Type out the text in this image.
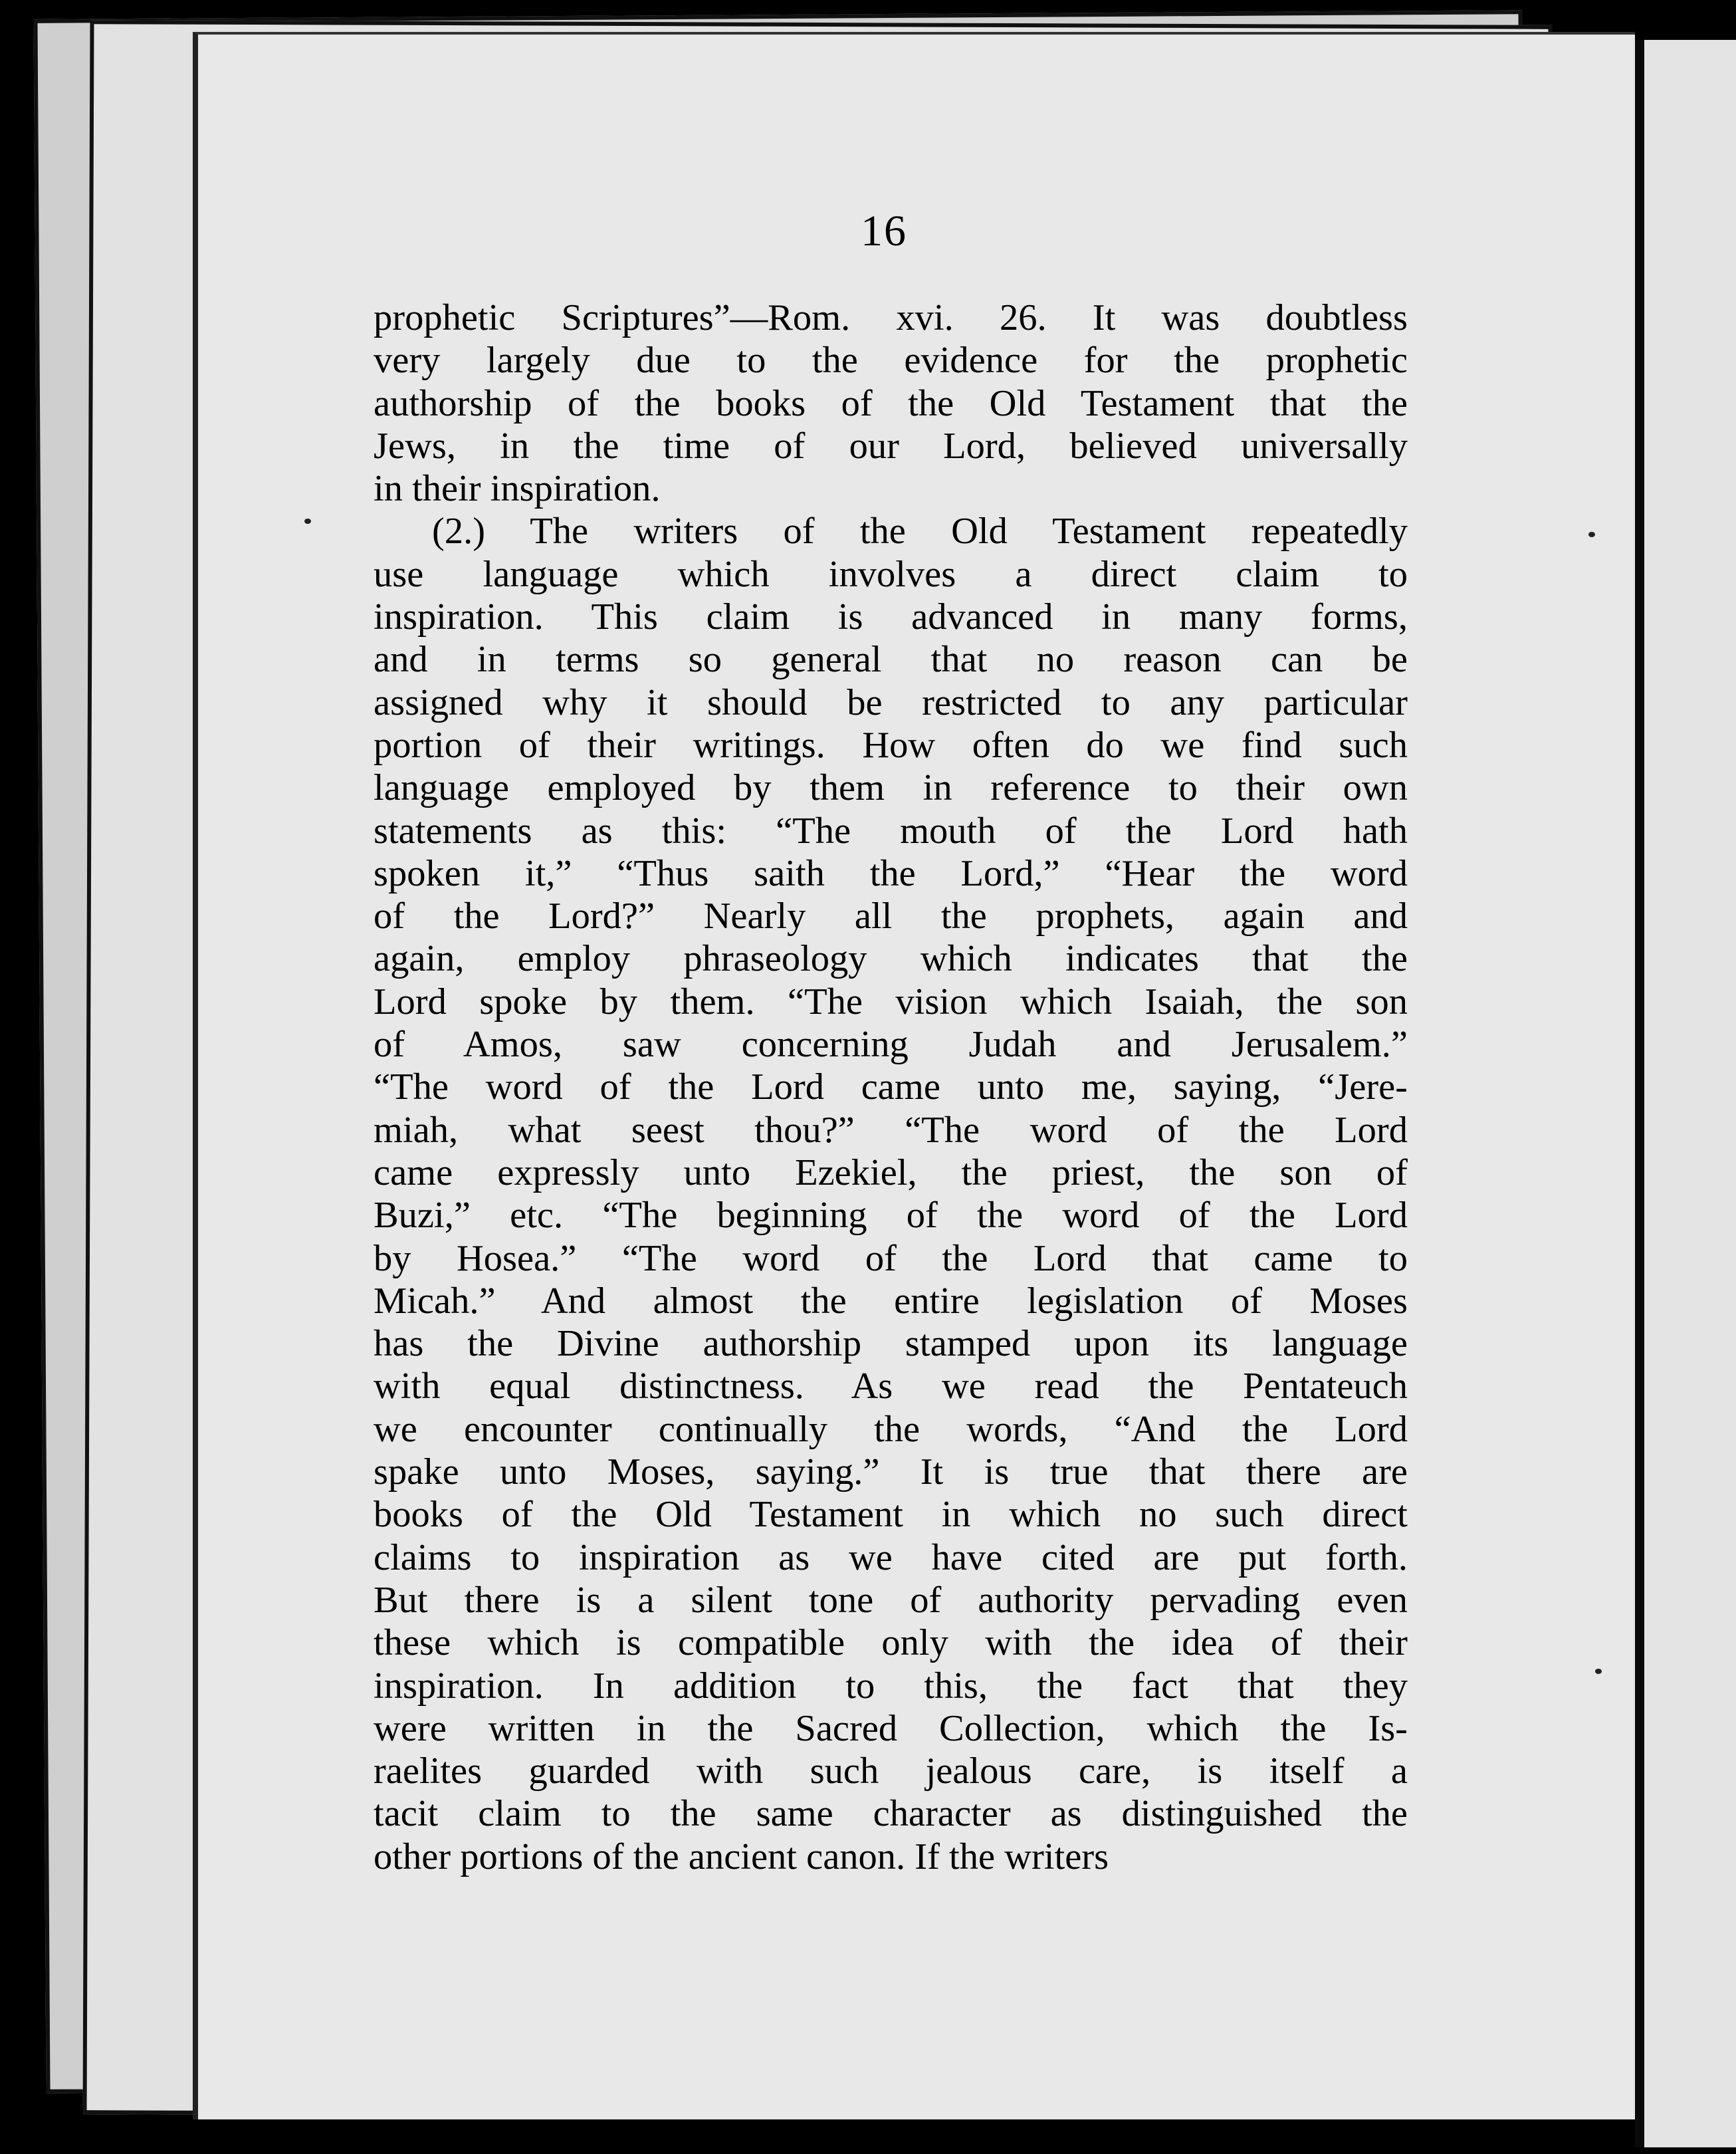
16

prophetic Scriptures”—Rom. xvi. 26. It was doubtless
very largely due to the evidence for the prophetic
authorship of the books of the Old Testament that the
Jews, in the time of our Lord, believed universally
in their inspiration.

(2.) The writers of the Old Testament repeatedly
use language which involves a direct claim to
inspiration. This claim is advanced in many forms,
and in terms so general that no reason can be
assigned why it should be restricted to any particular
portion of their writings. How often do we find such
language employed by them in reference to their own
statements as this: “The mouth of the Lord hath
spoken it,” “Thus saith the Lord,” “Hear the word
of the Lord?” Nearly all the prophets, again and
again, employ phraseology which indicates that the
Lord spoke by them. “The vision which Isaiah, the son
of Amos, saw concerning Judah and Jerusalem.”
“The word of the Lord came unto me, saying, “Jere-
miah, what seest thou?” “The word of the Lord
came expressly unto Ezekiel, the priest, the son of
Buzi,” etc. “The beginning of the word of the Lord
by Hosea.” “The word of the Lord that came to
Micah.” And almost the entire legislation of Moses
has the Divine authorship stamped upon its language
with equal distinctness. As we read the Pentateuch
we encounter continually the words, “And the Lord
spake unto Moses, saying.” It is true that there are
books of the Old Testament in which no such direct
claims to inspiration as we have cited are put forth.
But there is a silent tone of authority pervading even
these which is compatible only with the idea of their
inspiration. In addition to this, the fact that they
were written in the Sacred Collection, which the Is-
raelites guarded with such jealous care, is itself a
tacit claim to the same character as distinguished the
other portions of the ancient canon. If the writers
